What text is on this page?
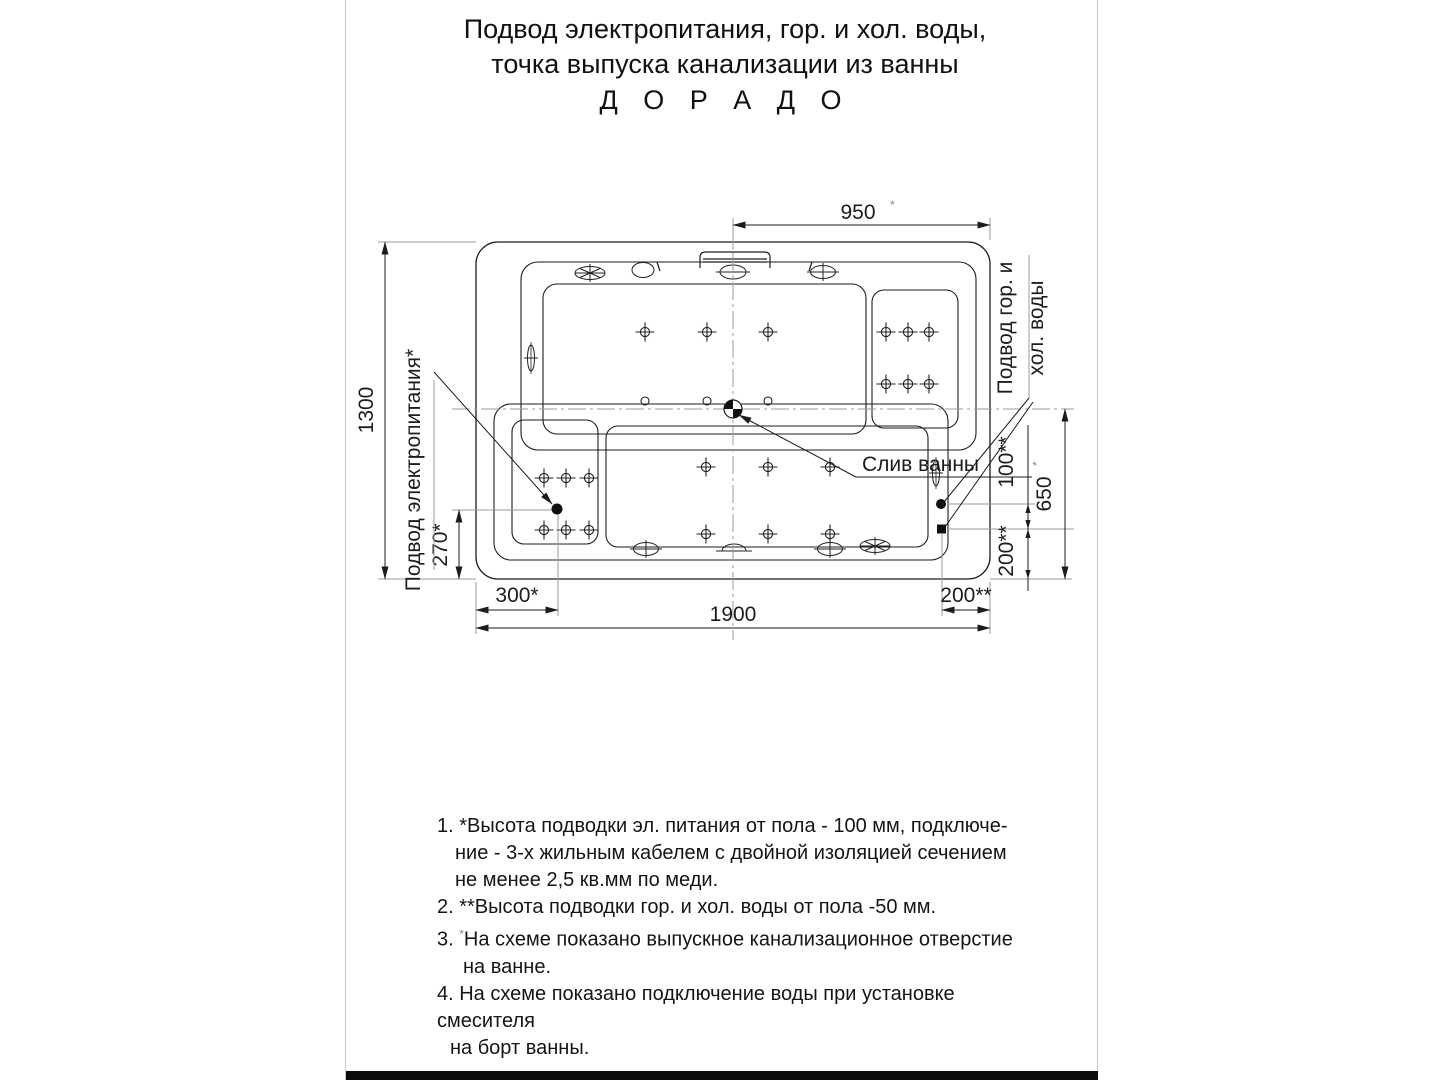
Подвод электропитания, гор. и хол. воды,
точка выпуска канализации из ванны
Д О Р А Д О
950 *
1300
270*
300*
1900
200**
100**
200**
650
*
Слив ванны
Подвод электропитания*
Подвод гор. и хол. воды
1. *Высота подводки эл. питания от пола - 100 мм, подключе-
ние - 3-х жильным кабелем с двойной изоляцией сечением
не менее 2,5 кв.мм по меди.
2. **Высота подводки гор. и хол. воды от пола -50 мм.
3. *На схеме показано выпускное канализационное отверстие
на ванне.
4. На схеме показано подключение воды при установке смесителя
на борт ванны.
